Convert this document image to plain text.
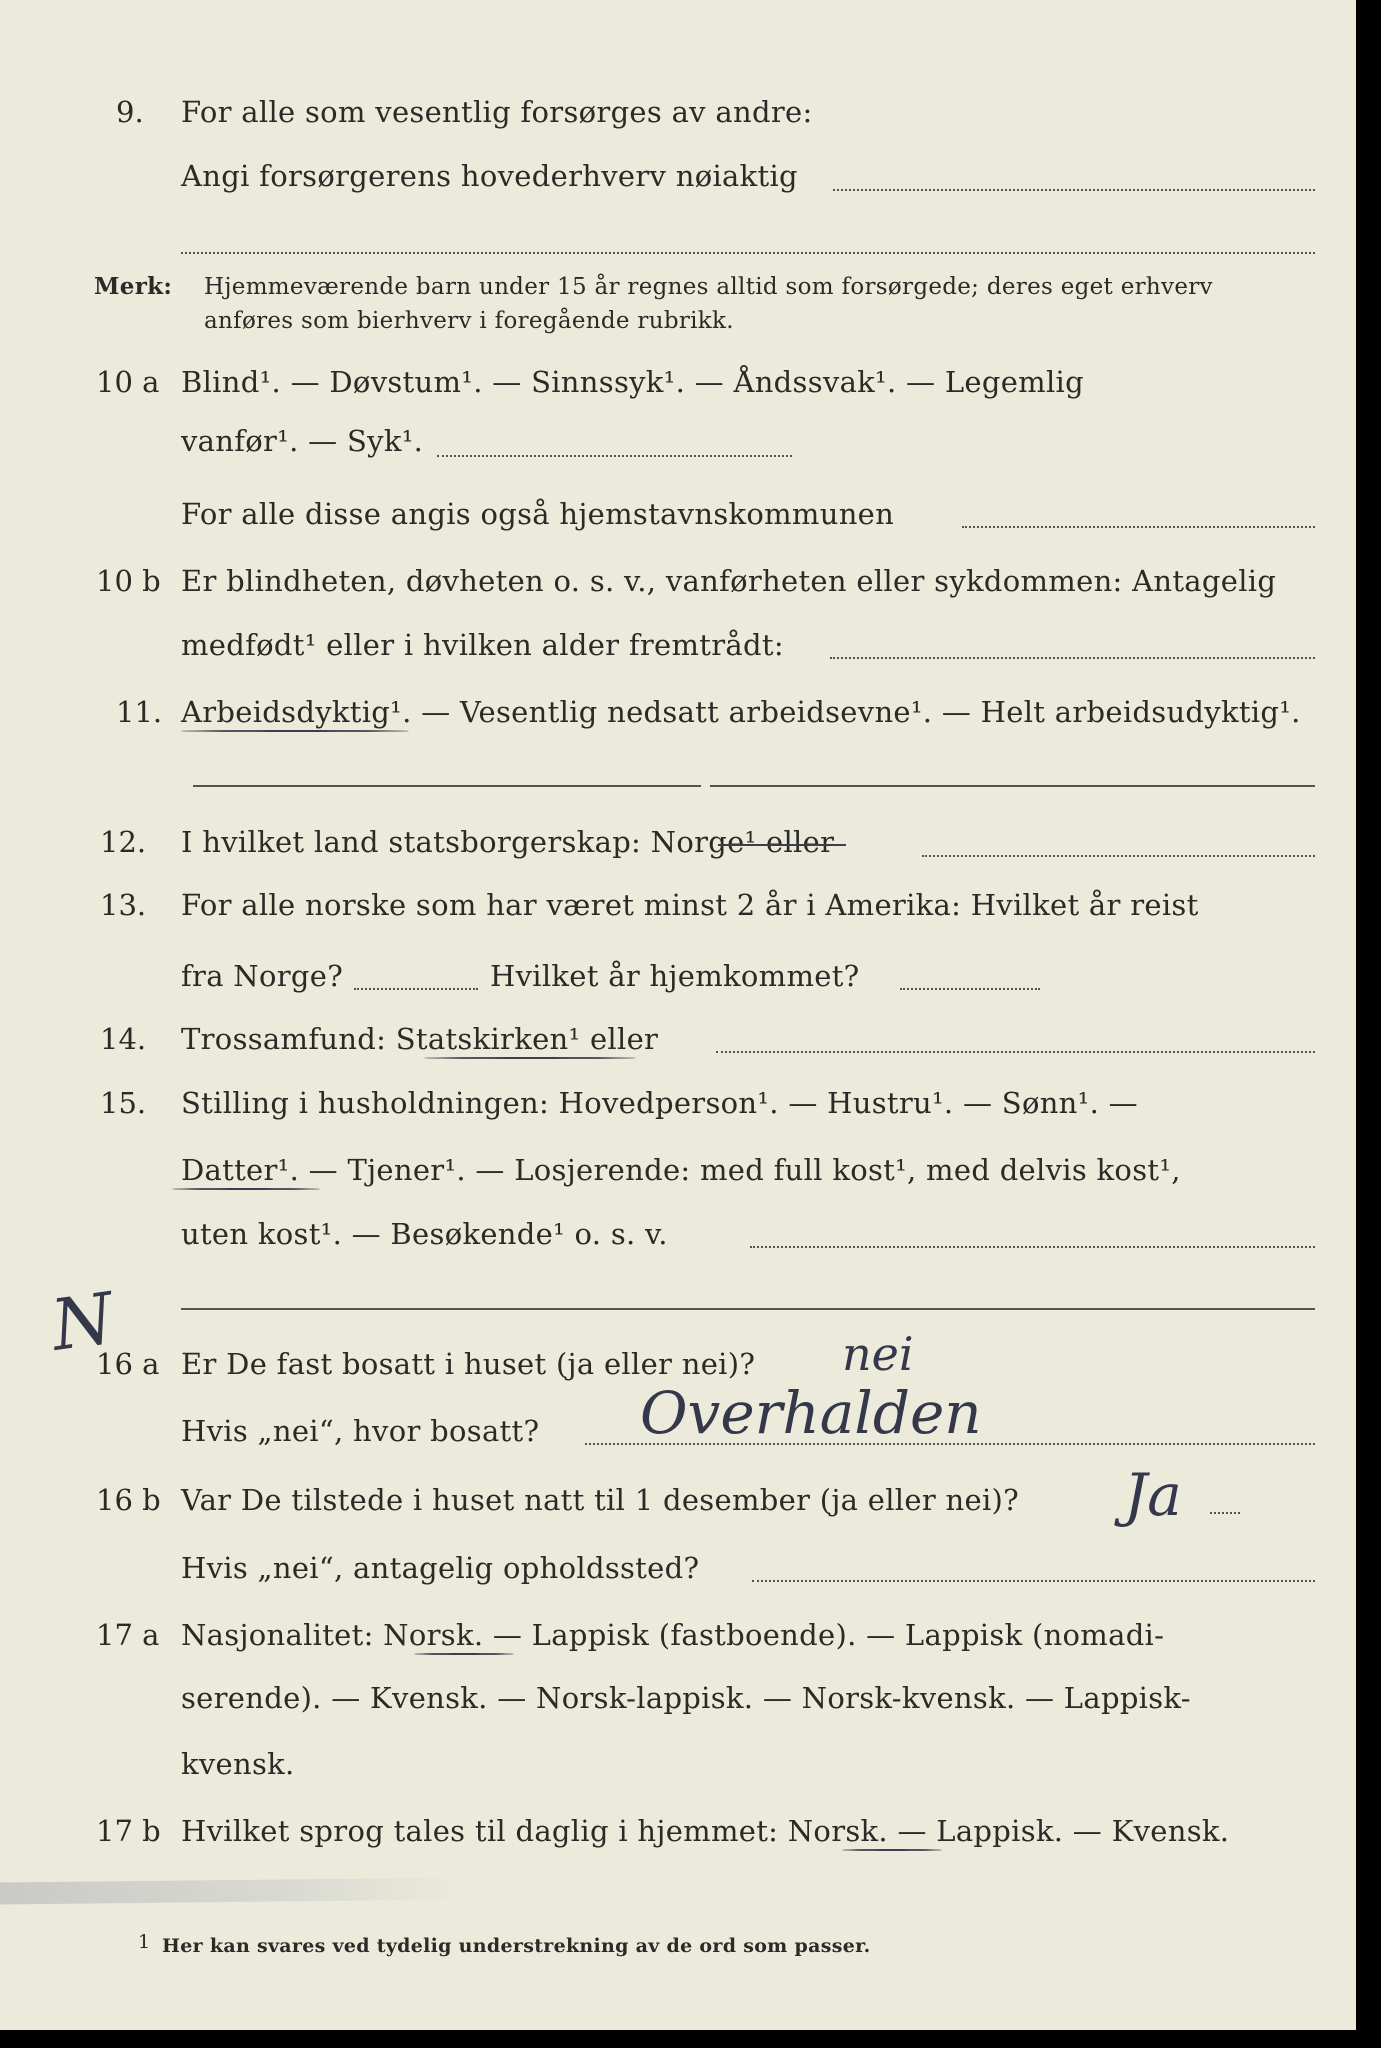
9. For alle som vesentlig forsørges av andre:
Angi forsørgerens hovederhverv nøiaktig
Merk: Hjemmeværende barn under 15 år regnes alltid som forsørgede; deres eget erhverv
anføres som bierhverv i foregående rubrikk.
10 a Blind¹. — Døvstum¹. — Sinnssyk¹. — Åndssvak¹. — Legemlig
vanfør¹. — Syk¹.
For alle disse angis også hjemstavnskommunen
10 b Er blindheten, døvheten o. s. v., vanførheten eller sykdommen: Antagelig
medfødt¹ eller i hvilken alder fremtrådt:
11. Arbeidsdyktig¹. — Vesentlig nedsatt arbeidsevne¹. — Helt arbeidsudyktig¹.
12. I hvilket land statsborgerskap: Norge¹ eller
13. For alle norske som har været minst 2 år i Amerika: Hvilket år reist
fra Norge?	Hvilket år hjemkommet?
14. Trossamfund: Statskirken¹ eller
15. Stilling i husholdningen: Hovedperson¹. — Hustru¹. — Sønn¹. —
Datter¹. — Tjener¹. — Losjerende: med full kost¹, med delvis kost¹,
uten kost¹. — Besøkende¹ o. s. v.
N
16 a Er De fast bosatt i huset (ja eller nei)? nei
Hvis „nei“, hvor bosatt? Overhalden
16 b Var De tilstede i huset natt til 1 desember (ja eller nei)? Ja
Hvis „nei“, antagelig opholdssted?
17 a Nasjonalitet: Norsk. — Lappisk (fastboende). — Lappisk (nomadi-
serende). — Kvensk. — Norsk-lappisk. — Norsk-kvensk. — Lappisk-
kvensk.
17 b Hvilket sprog tales til daglig i hjemmet: Norsk. — Lappisk. — Kvensk.
1 Her kan svares ved tydelig understrekning av de ord som passer.
